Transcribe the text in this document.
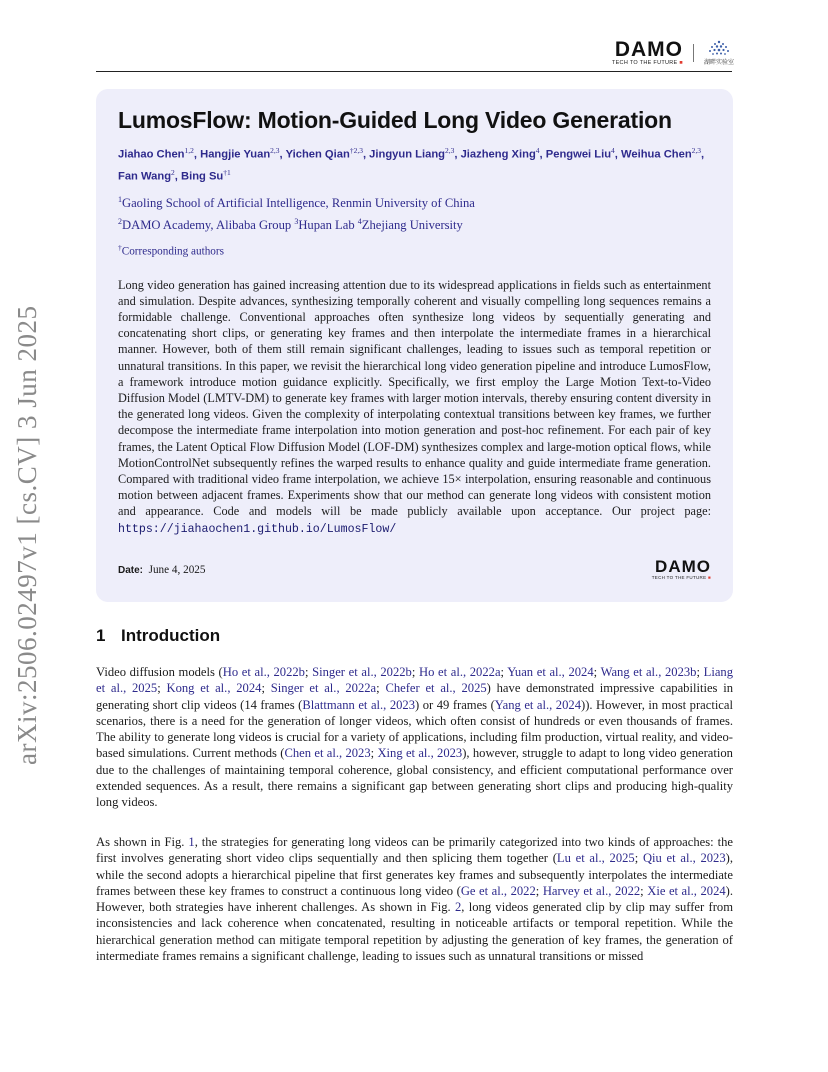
arXiv:2506.02497v1 [cs.CV] 3 Jun 2025
DAMO
TECH TO THE FUTURE ■	湖畔实验室
LumosFlow: Motion-Guided Long Video Generation
Jiahao Chen$^{1,2}$, Hangjie Yuan$^{2,3}$, Yichen Qian$^{\dagger 2,3}$, Jingyun Liang$^{2,3}$, Jiazheng Xing$^4$, Pengwei Liu$^4$, Weihua Chen$^{2,3}$, Fan Wang$^2$, Bing Su$^{\dagger 1}$
$^1$Gaoling School of Artificial Intelligence, Renmin University of China
$^2$DAMO Academy, Alibaba Group $^3$Hupan Lab $^4$Zhejiang University
†Corresponding authors

Long video generation has gained increasing attention due to its widespread applications in fields such as entertainment and simulation. Despite advances, synthesizing temporally coherent and visually compelling long sequences remains a formidable challenge. Conventional approaches often synthesize long videos by sequentially generating and concatenating short clips, or generating key frames and then interpolate the intermediate frames in a hierarchical manner. However, both of them still remain significant challenges, leading to issues such as temporal repetition or unnatural transitions. In this paper, we revisit the hierarchical long video generation pipeline and introduce LumosFlow, a framework introduce motion guidance explicitly. Specifically, we first employ the Large Motion Text-to-Video Diffusion Model (LMTV-DM) to generate key frames with larger motion intervals, thereby ensuring content diversity in the generated long videos. Given the complexity of interpolating contextual transitions between key frames, we further decompose the intermediate frame interpolation into motion generation and post-hoc refinement. For each pair of key frames, the Latent Optical Flow Diffusion Model (LOF-DM) synthesizes complex and large-motion optical flows, while MotionControlNet subsequently refines the warped results to enhance quality and guide intermediate frame generation. Compared with traditional video frame interpolation, we achieve 15× interpolation, ensuring reasonable and continuous motion between adjacent frames. Experiments show that our method can generate long videos with consistent motion and appearance. Code and models will be made publicly available upon acceptance. Our project page: https://jiahaochen1.github.io/LumosFlow/

Date: June 4, 2025	DAMO
TECH TO THE FUTURE ■
1 Introduction

Video diffusion models (Ho et al., 2022b; Singer et al., 2022b; Ho et al., 2022a; Yuan et al., 2024; Wang et al., 2023b; Liang et al., 2025; Kong et al., 2024; Singer et al., 2022a; Chefer et al., 2025) have demonstrated impressive capabilities in generating short clip videos (14 frames (Blattmann et al., 2023) or 49 frames (Yang et al., 2024)). However, in most practical scenarios, there is a need for the generation of longer videos, which often consist of hundreds or even thousands of frames. The ability to generate long videos is crucial for a variety of applications, including film production, virtual reality, and video-based simulations. Current methods (Chen et al., 2023; Xing et al., 2023), however, struggle to adapt to long video generation due to the challenges of maintaining temporal coherence, global consistency, and efficient computational performance over extended sequences. As a result, there remains a significant gap between generating short clips and producing high-quality long videos.

As shown in Fig. 1, the strategies for generating long videos can be primarily categorized into two kinds of approaches: the first involves generating short video clips sequentially and then splicing them together (Lu et al., 2025; Qiu et al., 2023), while the second adopts a hierarchical pipeline that first generates key frames and subsequently interpolates the intermediate frames between these key frames to construct a continuous long video (Ge et al., 2022; Harvey et al., 2022; Xie et al., 2024). However, both strategies have inherent challenges. As shown in Fig. 2, long videos generated clip by clip may suffer from inconsistencies and lack coherence when concatenated, resulting in noticeable artifacts or temporal repetition. While the hierarchical generation method can mitigate temporal repetition by adjusting the generation of key frames, the generation of intermediate frames remains a significant challenge, leading to issues such as unnatural transitions or missed
